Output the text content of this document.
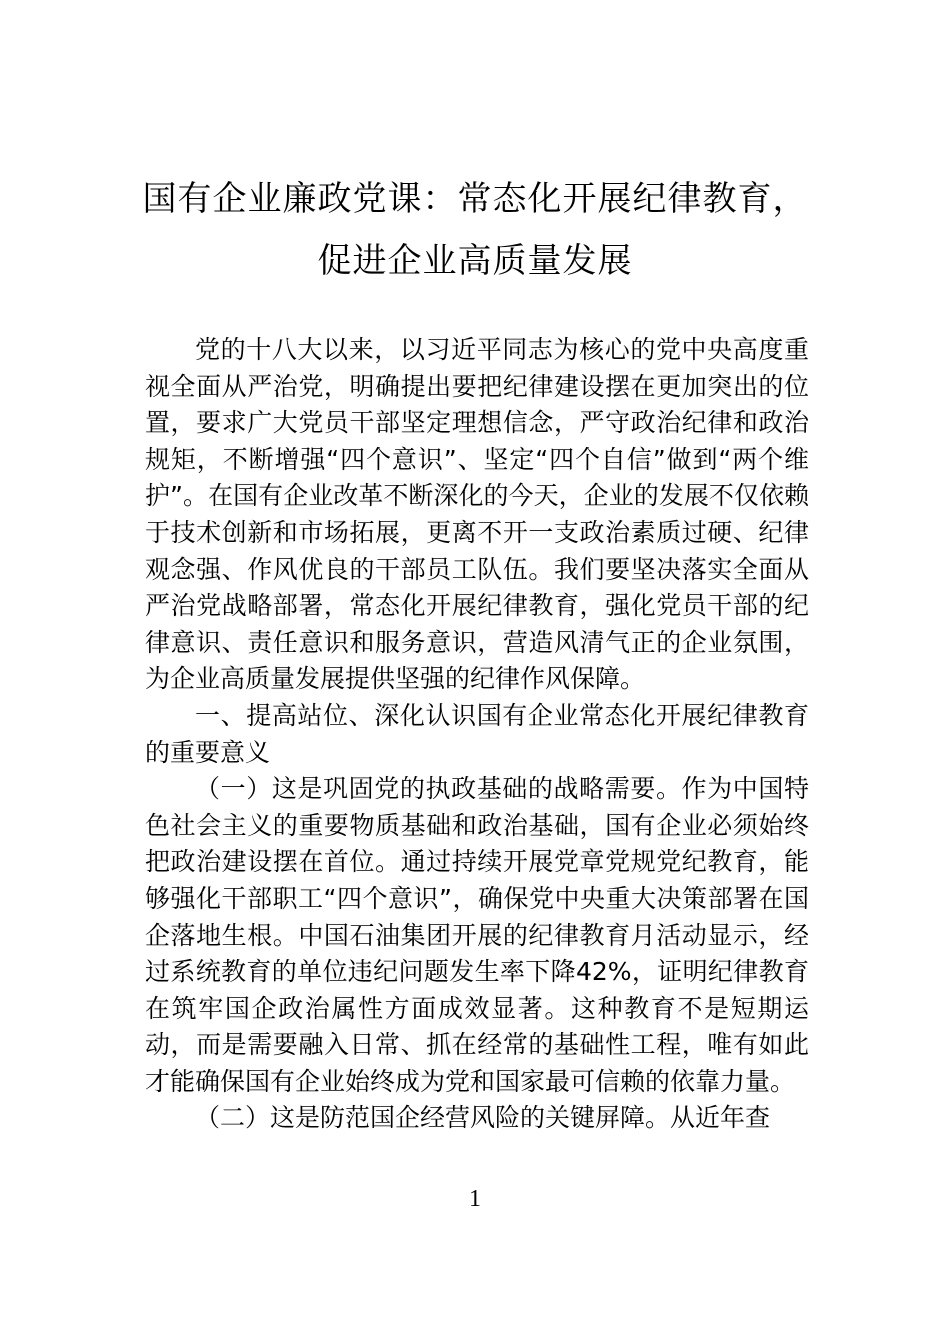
国有企业廉政党课：常态化开展纪律教育，
促进企业高质量发展

党的十八大以来，以习近平同志为核心的党中央高度重视全面从严治党，明确提出要把纪律建设摆在更加突出的位置，要求广大党员干部坚定理想信念，严守政治纪律和政治规矩，不断增强“四个意识”、坚定“四个自信”做到“两个维护”。在国有企业改革不断深化的今天，企业的发展不仅依赖于技术创新和市场拓展，更离不开一支政治素质过硬、纪律观念强、作风优良的干部员工队伍。我们要坚决落实全面从严治党战略部署，常态化开展纪律教育，强化党员干部的纪律意识、责任意识和服务意识，营造风清气正的企业氛围，为企业高质量发展提供坚强的纪律作风保障。

一、提高站位、深化认识国有企业常态化开展纪律教育的重要意义

（一）这是巩固党的执政基础的战略需要。作为中国特色社会主义的重要物质基础和政治基础，国有企业必须始终把政治建设摆在首位。通过持续开展党章党规党纪教育，能够强化干部职工“四个意识”，确保党中央重大决策部署在国企落地生根。中国石油集团开展的纪律教育月活动显示，经过系统教育的单位违纪问题发生率下降42%，证明纪律教育在筑牢国企政治属性方面成效显著。这种教育不是短期运动，而是需要融入日常、抓在经常的基础性工程，唯有如此才能确保国有企业始终成为党和国家最可信赖的依靠力量。

（二）这是防范国企经营风险的关键屏障。从近年查

1
